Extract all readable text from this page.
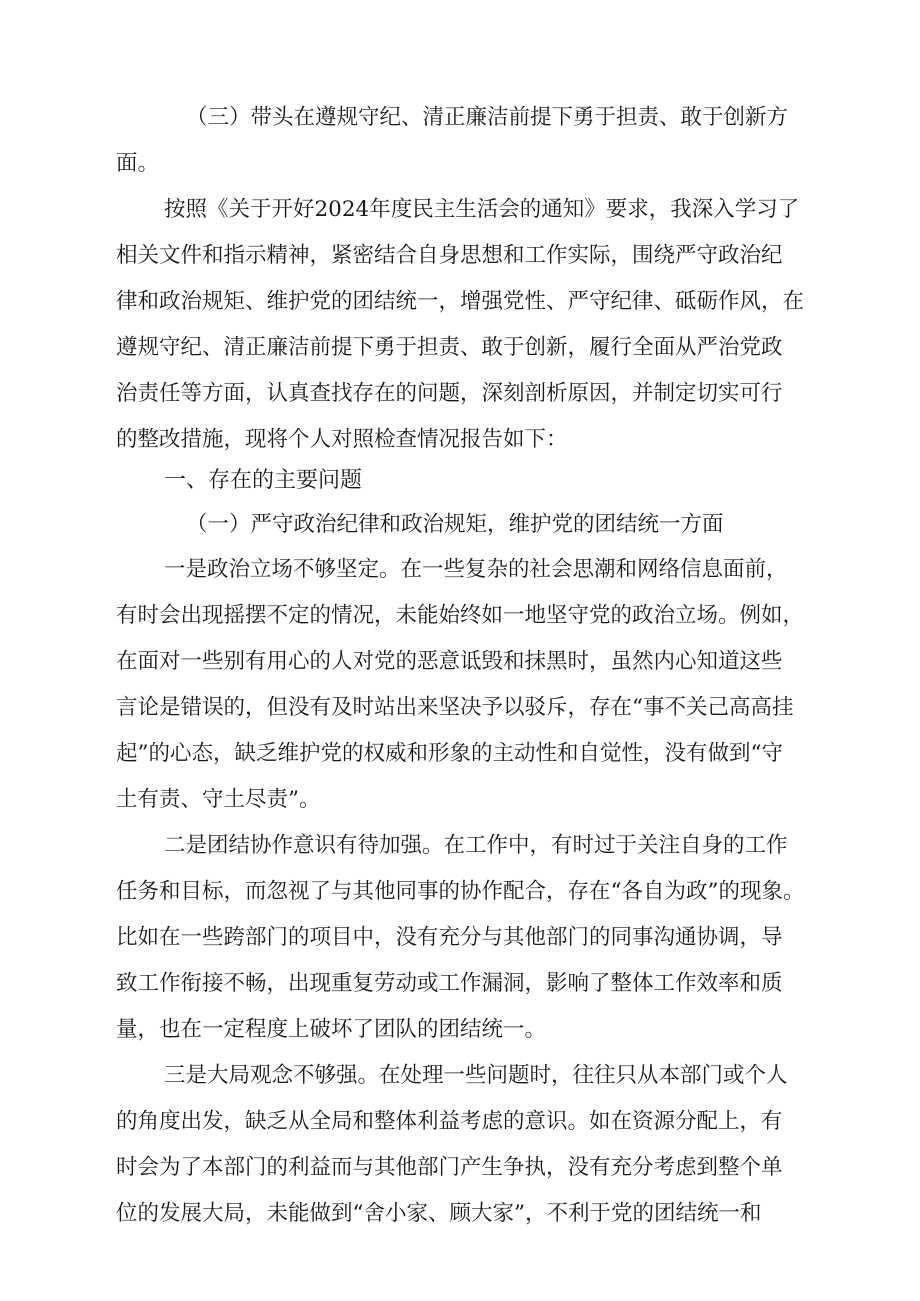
（三）带头在遵规守纪、清正廉洁前提下勇于担责、敢于创新方

面。

按照《关于开好2024年度民主生活会的通知》要求，我深入学习了

相关文件和指示精神，紧密结合自身思想和工作实际，围绕严守政治纪

律和政治规矩、维护党的团结统一，增强党性、严守纪律、砥砺作风，在

遵规守纪、清正廉洁前提下勇于担责、敢于创新，履行全面从严治党政

治责任等方面，认真查找存在的问题，深刻剖析原因，并制定切实可行

的整改措施，现将个人对照检查情况报告如下：

一、存在的主要问题

（一）严守政治纪律和政治规矩，维护党的团结统一方面

一是政治立场不够坚定。在一些复杂的社会思潮和网络信息面前，

有时会出现摇摆不定的情况，未能始终如一地坚守党的政治立场。例如，

在面对一些别有用心的人对党的恶意诋毁和抹黑时，虽然内心知道这些

言论是错误的，但没有及时站出来坚决予以驳斥，存在“事不关己高高挂

起”的心态，缺乏维护党的权威和形象的主动性和自觉性，没有做到“守

土有责、守土尽责”。

二是团结协作意识有待加强。在工作中，有时过于关注自身的工作

任务和目标，而忽视了与其他同事的协作配合，存在“各自为政”的现象。

比如在一些跨部门的项目中，没有充分与其他部门的同事沟通协调，导

致工作衔接不畅，出现重复劳动或工作漏洞，影响了整体工作效率和质

量，也在一定程度上破坏了团队的团结统一。

三是大局观念不够强。在处理一些问题时，往往只从本部门或个人

的角度出发，缺乏从全局和整体利益考虑的意识。如在资源分配上，有

时会为了本部门的利益而与其他部门产生争执，没有充分考虑到整个单

位的发展大局，未能做到“舍小家、顾大家”，不利于党的团结统一和
